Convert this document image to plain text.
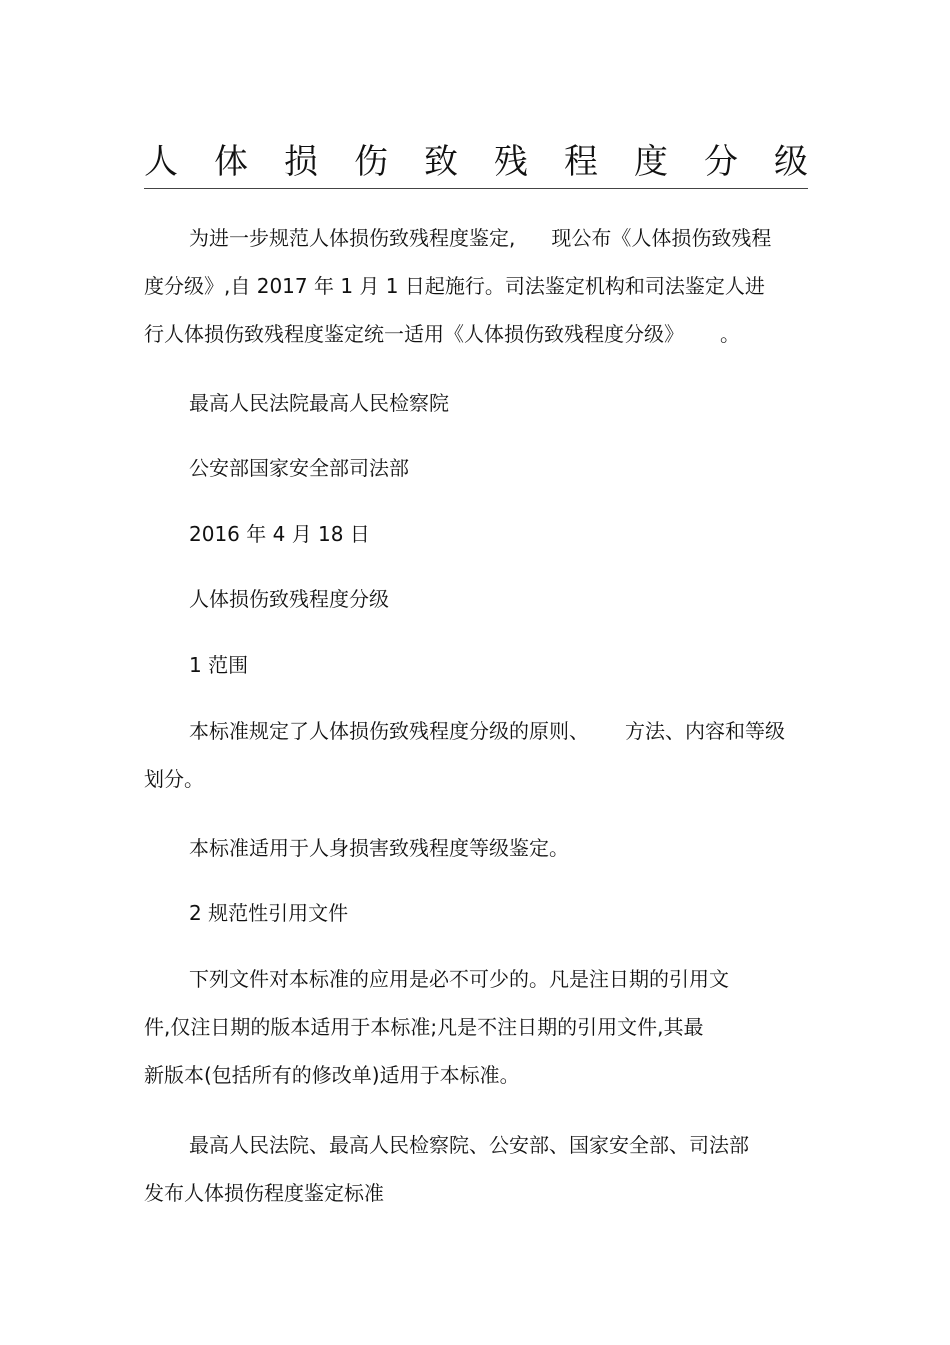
人 体 损 伤 致 残 程 度 分 级
为进一步规范人体损伤致残程度鉴定, 现公布《人体损伤致残程
度分级》,自 2017 年 1 月 1 日起施行。司法鉴定机构和司法鉴定人进
行人体损伤致残程度鉴定统一适用《人体损伤致残程度分级》 。
最高人民法院最高人民检察院
公安部国家安全部司法部
2016 年 4 月 18 日
人体损伤致残程度分级
1 范围
本标准规定了人体损伤致残程度分级的原则、 方法、内容和等级
划分。
本标准适用于人身损害致残程度等级鉴定。
2 规范性引用文件
下列文件对本标准的应用是必不可少的。凡是注日期的引用文
件,仅注日期的版本适用于本标准;凡是不注日期的引用文件,其最
新版本(包括所有的修改单)适用于本标准。
最高人民法院、最高人民检察院、公安部、国家安全部、司法部
发布人体损伤程度鉴定标准
